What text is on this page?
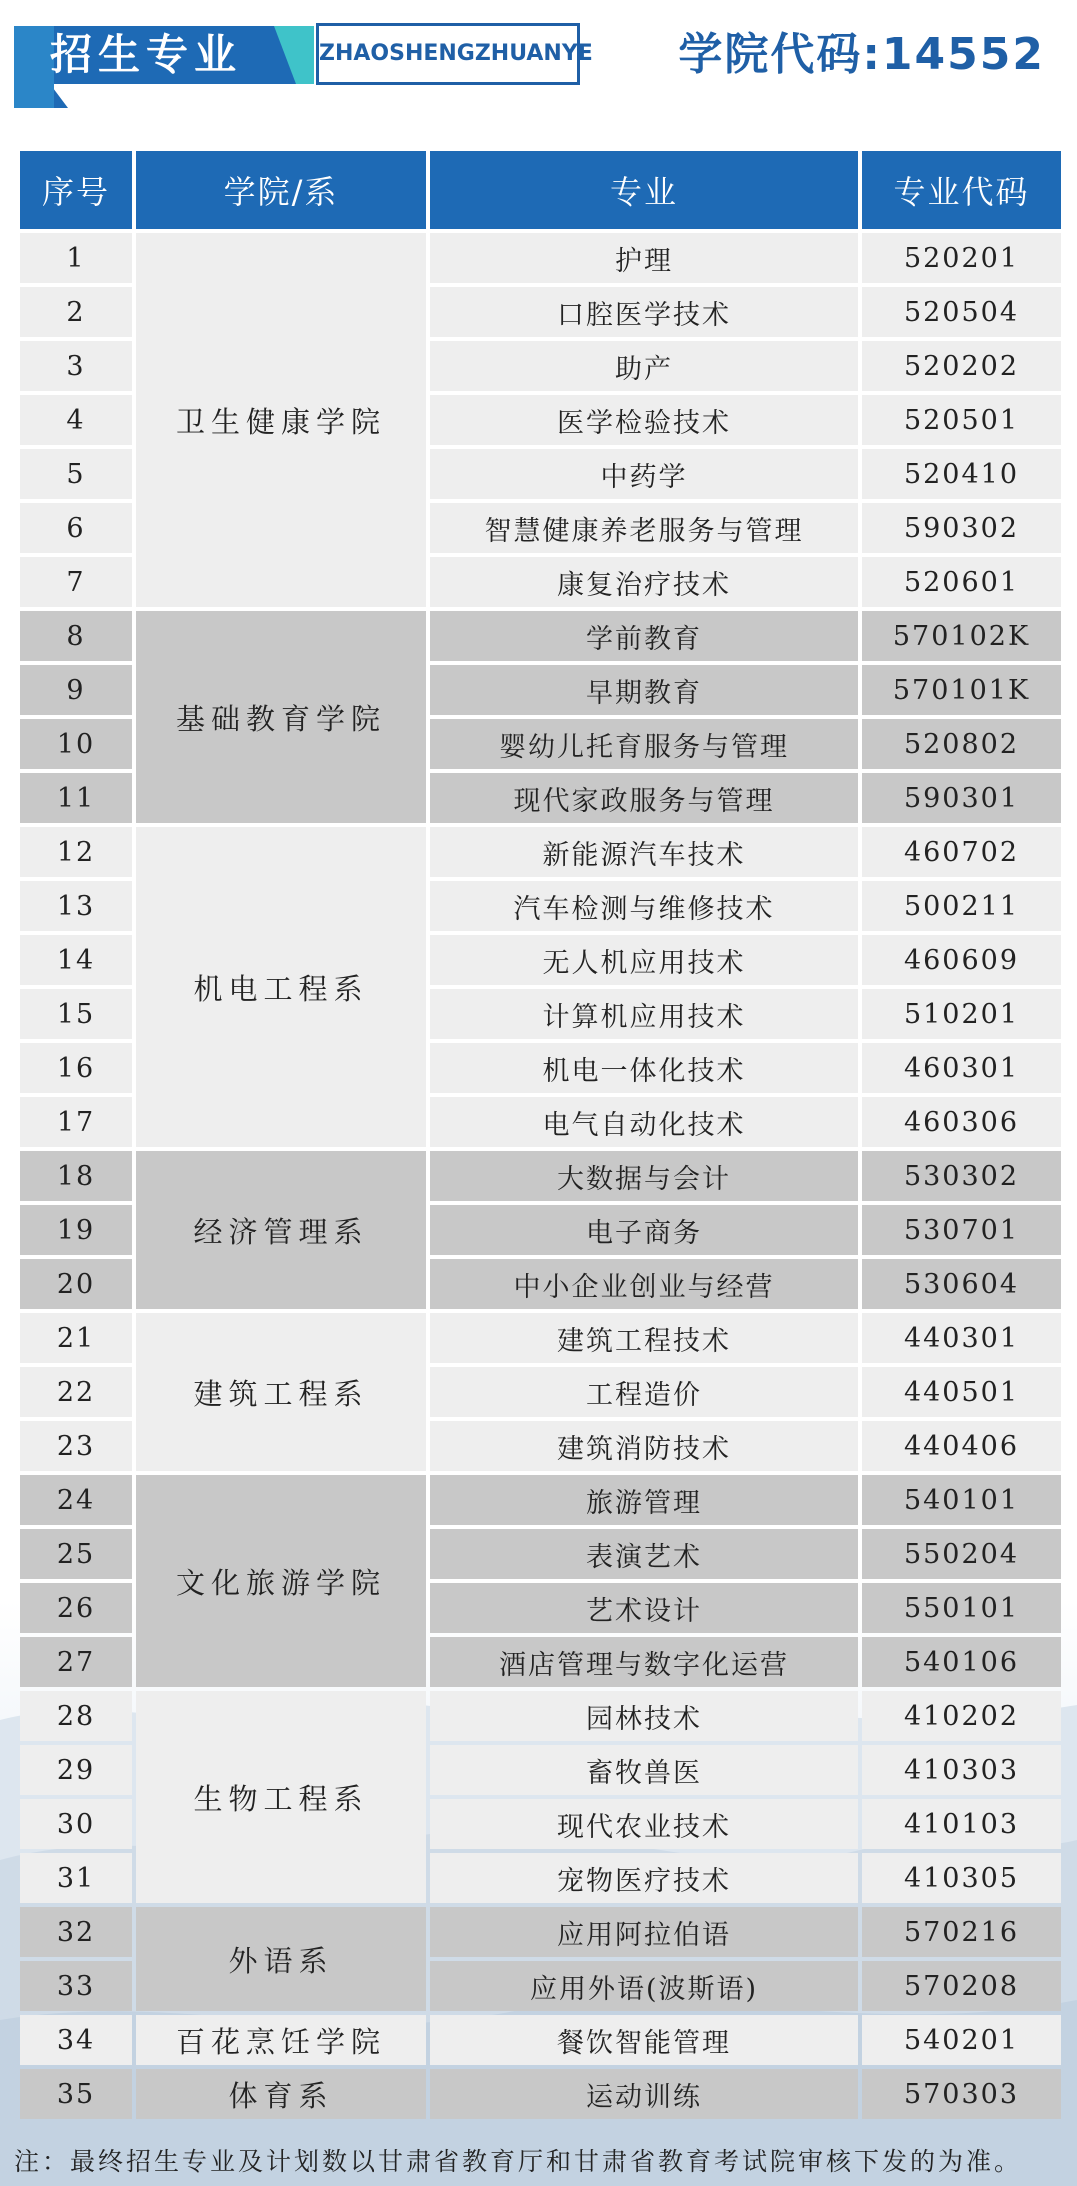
招生专业	ZHAOSHENGZHUANYE 学院代码:14552
序号	学院/系	专业	专业代码
1	卫生健康学院	护理	520201
2		口腔医学技术	520504
3		助产	520202
4		医学检验技术	520501
5		中药学	520410
6		智慧健康养老服务与管理	590302
7		康复治疗技术	520601
8	基础教育学院	学前教育	570102K
9		早期教育	570101K
10		婴幼儿托育服务与管理	520802
11		现代家政服务与管理	590301
12	机电工程系	新能源汽车技术	460702
13		汽车检测与维修技术	500211
14		无人机应用技术	460609
15		计算机应用技术	510201
16		机电一体化技术	460301
17		电气自动化技术	460306
18	经济管理系	大数据与会计	530302
19		电子商务	530701
20		中小企业创业与经营	530604
21	建筑工程系	建筑工程技术	440301
22		工程造价	440501
23		建筑消防技术	440406
24	文化旅游学院	旅游管理	540101
25		表演艺术	550204
26		艺术设计	550101
27		酒店管理与数字化运营	540106
28	生物工程系	园林技术	410202
29		畜牧兽医	410303
30		现代农业技术	410103
31		宠物医疗技术	410305
32	外语系	应用阿拉伯语	570216
33		应用外语(波斯语)	570208
34	百花烹饪学院	餐饮智能管理	540201
35	体育系	运动训练	570303
注：最终招生专业及计划数以甘肃省教育厅和甘肃省教育考试院审核下发的为准。
